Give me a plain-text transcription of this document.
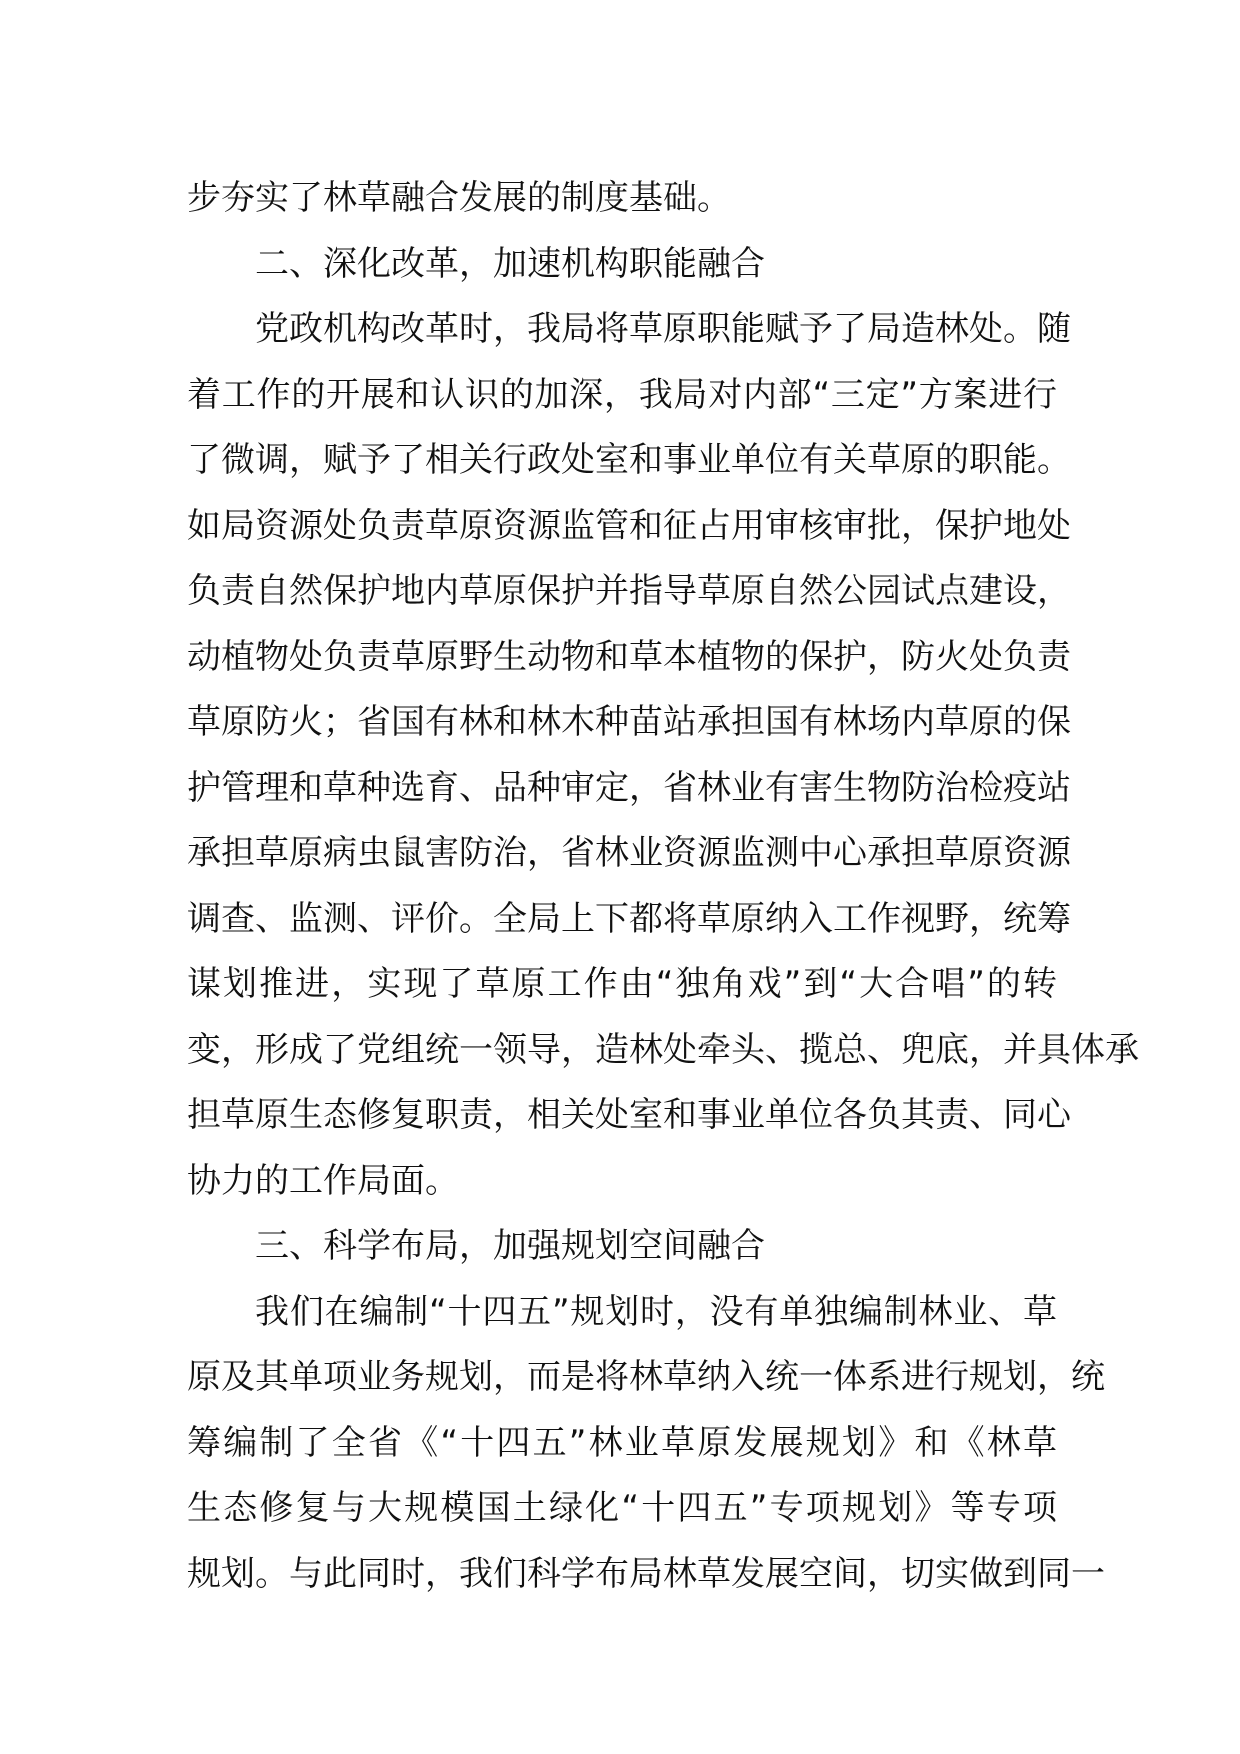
步夯实了林草融合发展的制度基础。
二、深化改革，加速机构职能融合
党政机构改革时，我局将草原职能赋予了局造林处。随
着工作的开展和认识的加深，我局对内部“三定”方案进行
了微调，赋予了相关行政处室和事业单位有关草原的职能。
如局资源处负责草原资源监管和征占用审核审批，保护地处
负责自然保护地内草原保护并指导草原自然公园试点建设，
动植物处负责草原野生动物和草本植物的保护，防火处负责
草原防火；省国有林和林木种苗站承担国有林场内草原的保
护管理和草种选育、品种审定，省林业有害生物防治检疫站
承担草原病虫鼠害防治，省林业资源监测中心承担草原资源
调查、监测、评价。全局上下都将草原纳入工作视野，统筹
谋划推进，实现了草原工作由“独角戏”到“大合唱”的转
变，形成了党组统一领导，造林处牵头、揽总、兜底，并具体承
担草原生态修复职责，相关处室和事业单位各负其责、同心
协力的工作局面。
三、科学布局，加强规划空间融合
我们在编制“十四五”规划时，没有单独编制林业、草
原及其单项业务规划，而是将林草纳入统一体系进行规划，统
筹编制了全省《“十四五”林业草原发展规划》和《林草
生态修复与大规模国土绿化“十四五”专项规划》等专项
规划。与此同时，我们科学布局林草发展空间，切实做到同一
